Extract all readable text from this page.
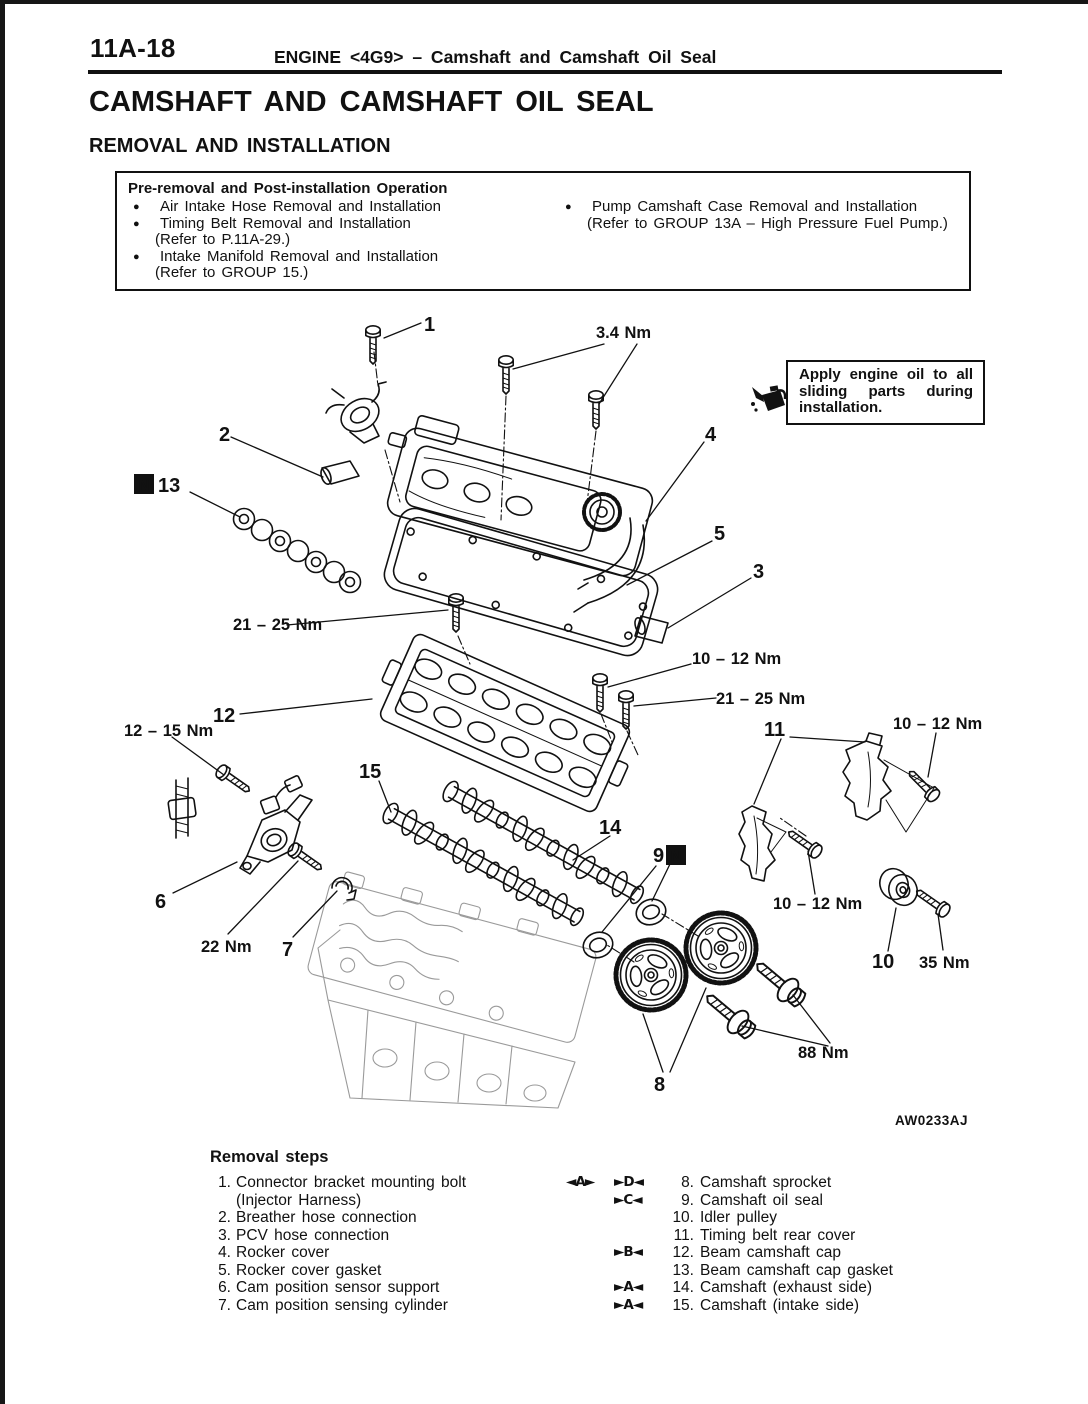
11A-18	ENGINE <4G9> – Camshaft and Camshaft Oil Seal
CAMSHAFT AND CAMSHAFT OIL SEAL
REMOVAL AND INSTALLATION
Pre-removal and Post-installation Operation
●	Air Intake Hose Removal and Installation
●	Timing Belt Removal and Installation
(Refer to P.11A-29.)
●	Intake Manifold Removal and Installation
(Refer to GROUP 15.)
●	Pump Camshaft Case Removal and Installation
(Refer to GROUP 13A – High Pressure Fuel Pump.)
1	3.4 Nm
2
N 13
4
5
3
21 – 25 Nm
10 – 12 Nm
21 – 25 Nm
12
12 – 15 Nm	11	10 – 12 Nm
15
14
6
9 N
10 – 12 Nm
22 Nm 7
10 35 Nm
88 Nm
8
AW0233AJ
Apply engine oil to all sliding parts during installation.
Removal steps
1. Connector bracket mounting bolt	◄A►	►D◄	8. Camshaft sprocket
(Injector Harness)	►C◄	9. Camshaft oil seal
2. Breather hose connection	10. Idler pulley
3. PCV hose connection	11. Timing belt rear cover
4. Rocker cover	►B◄	12. Beam camshaft cap
5. Rocker cover gasket	13. Beam camshaft cap gasket
6. Cam position sensor support	►A◄	14. Camshaft (exhaust side)
7. Cam position sensing cylinder	►A◄	15. Camshaft (intake side)
